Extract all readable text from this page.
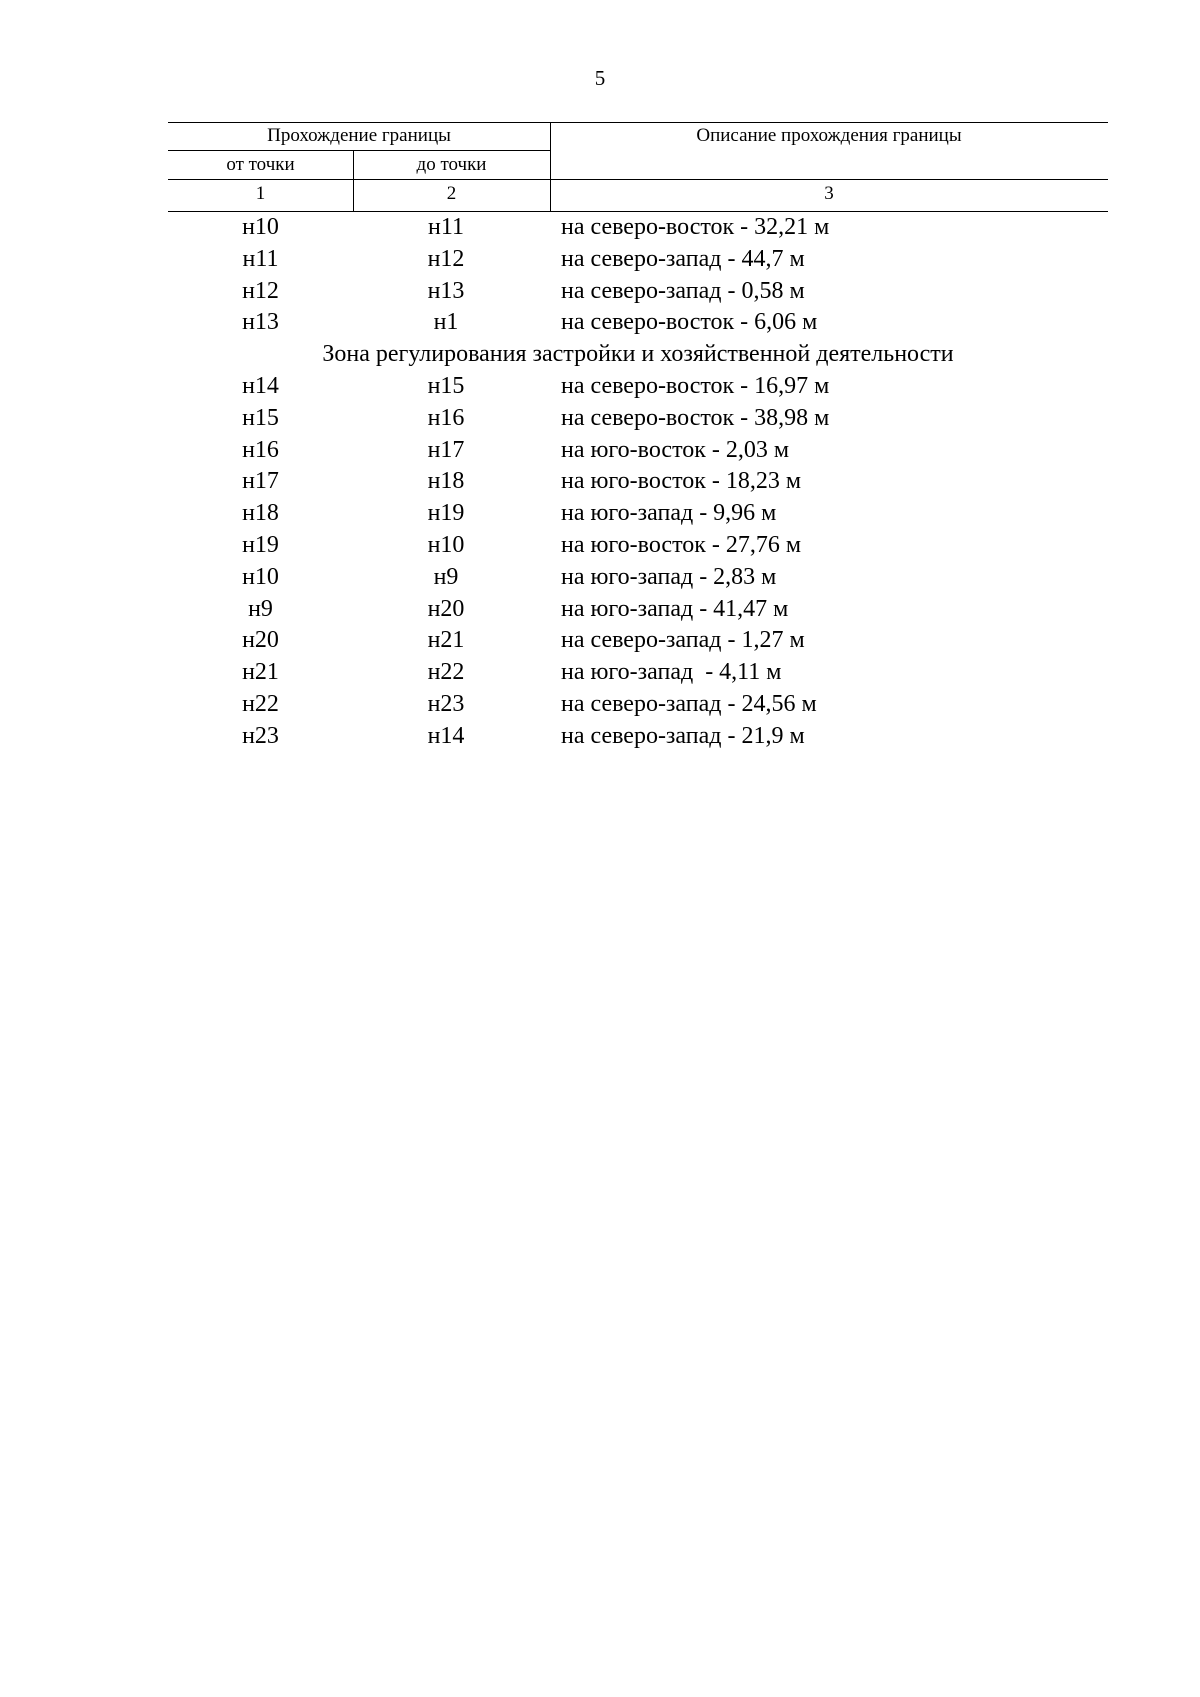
5
Прохождение границы	Описание прохождения границы
от точки	до точки
1	2	3
н10	н11	на северо-восток - 32,21 м
н11	н12	на северо-запад - 44,7 м
н12	н13	на северо-запад - 0,58 м
н13	н1	на северо-восток - 6,06 м
Зона регулирования застройки и хозяйственной деятельности
н14	н15	на северо-восток - 16,97 м
н15	н16	на северо-восток - 38,98 м
н16	н17	на юго-восток - 2,03 м
н17	н18	на юго-восток - 18,23 м
н18	н19	на юго-запад - 9,96 м
н19	н10	на юго-восток - 27,76 м
н10	н9	на юго-запад - 2,83 м
н9	н20	на юго-запад - 41,47 м
н20	н21	на северо-запад - 1,27 м
н21	н22	на юго-запад  - 4,11 м
н22	н23	на северо-запад - 24,56 м
н23	н14	на северо-запад - 21,9 м
